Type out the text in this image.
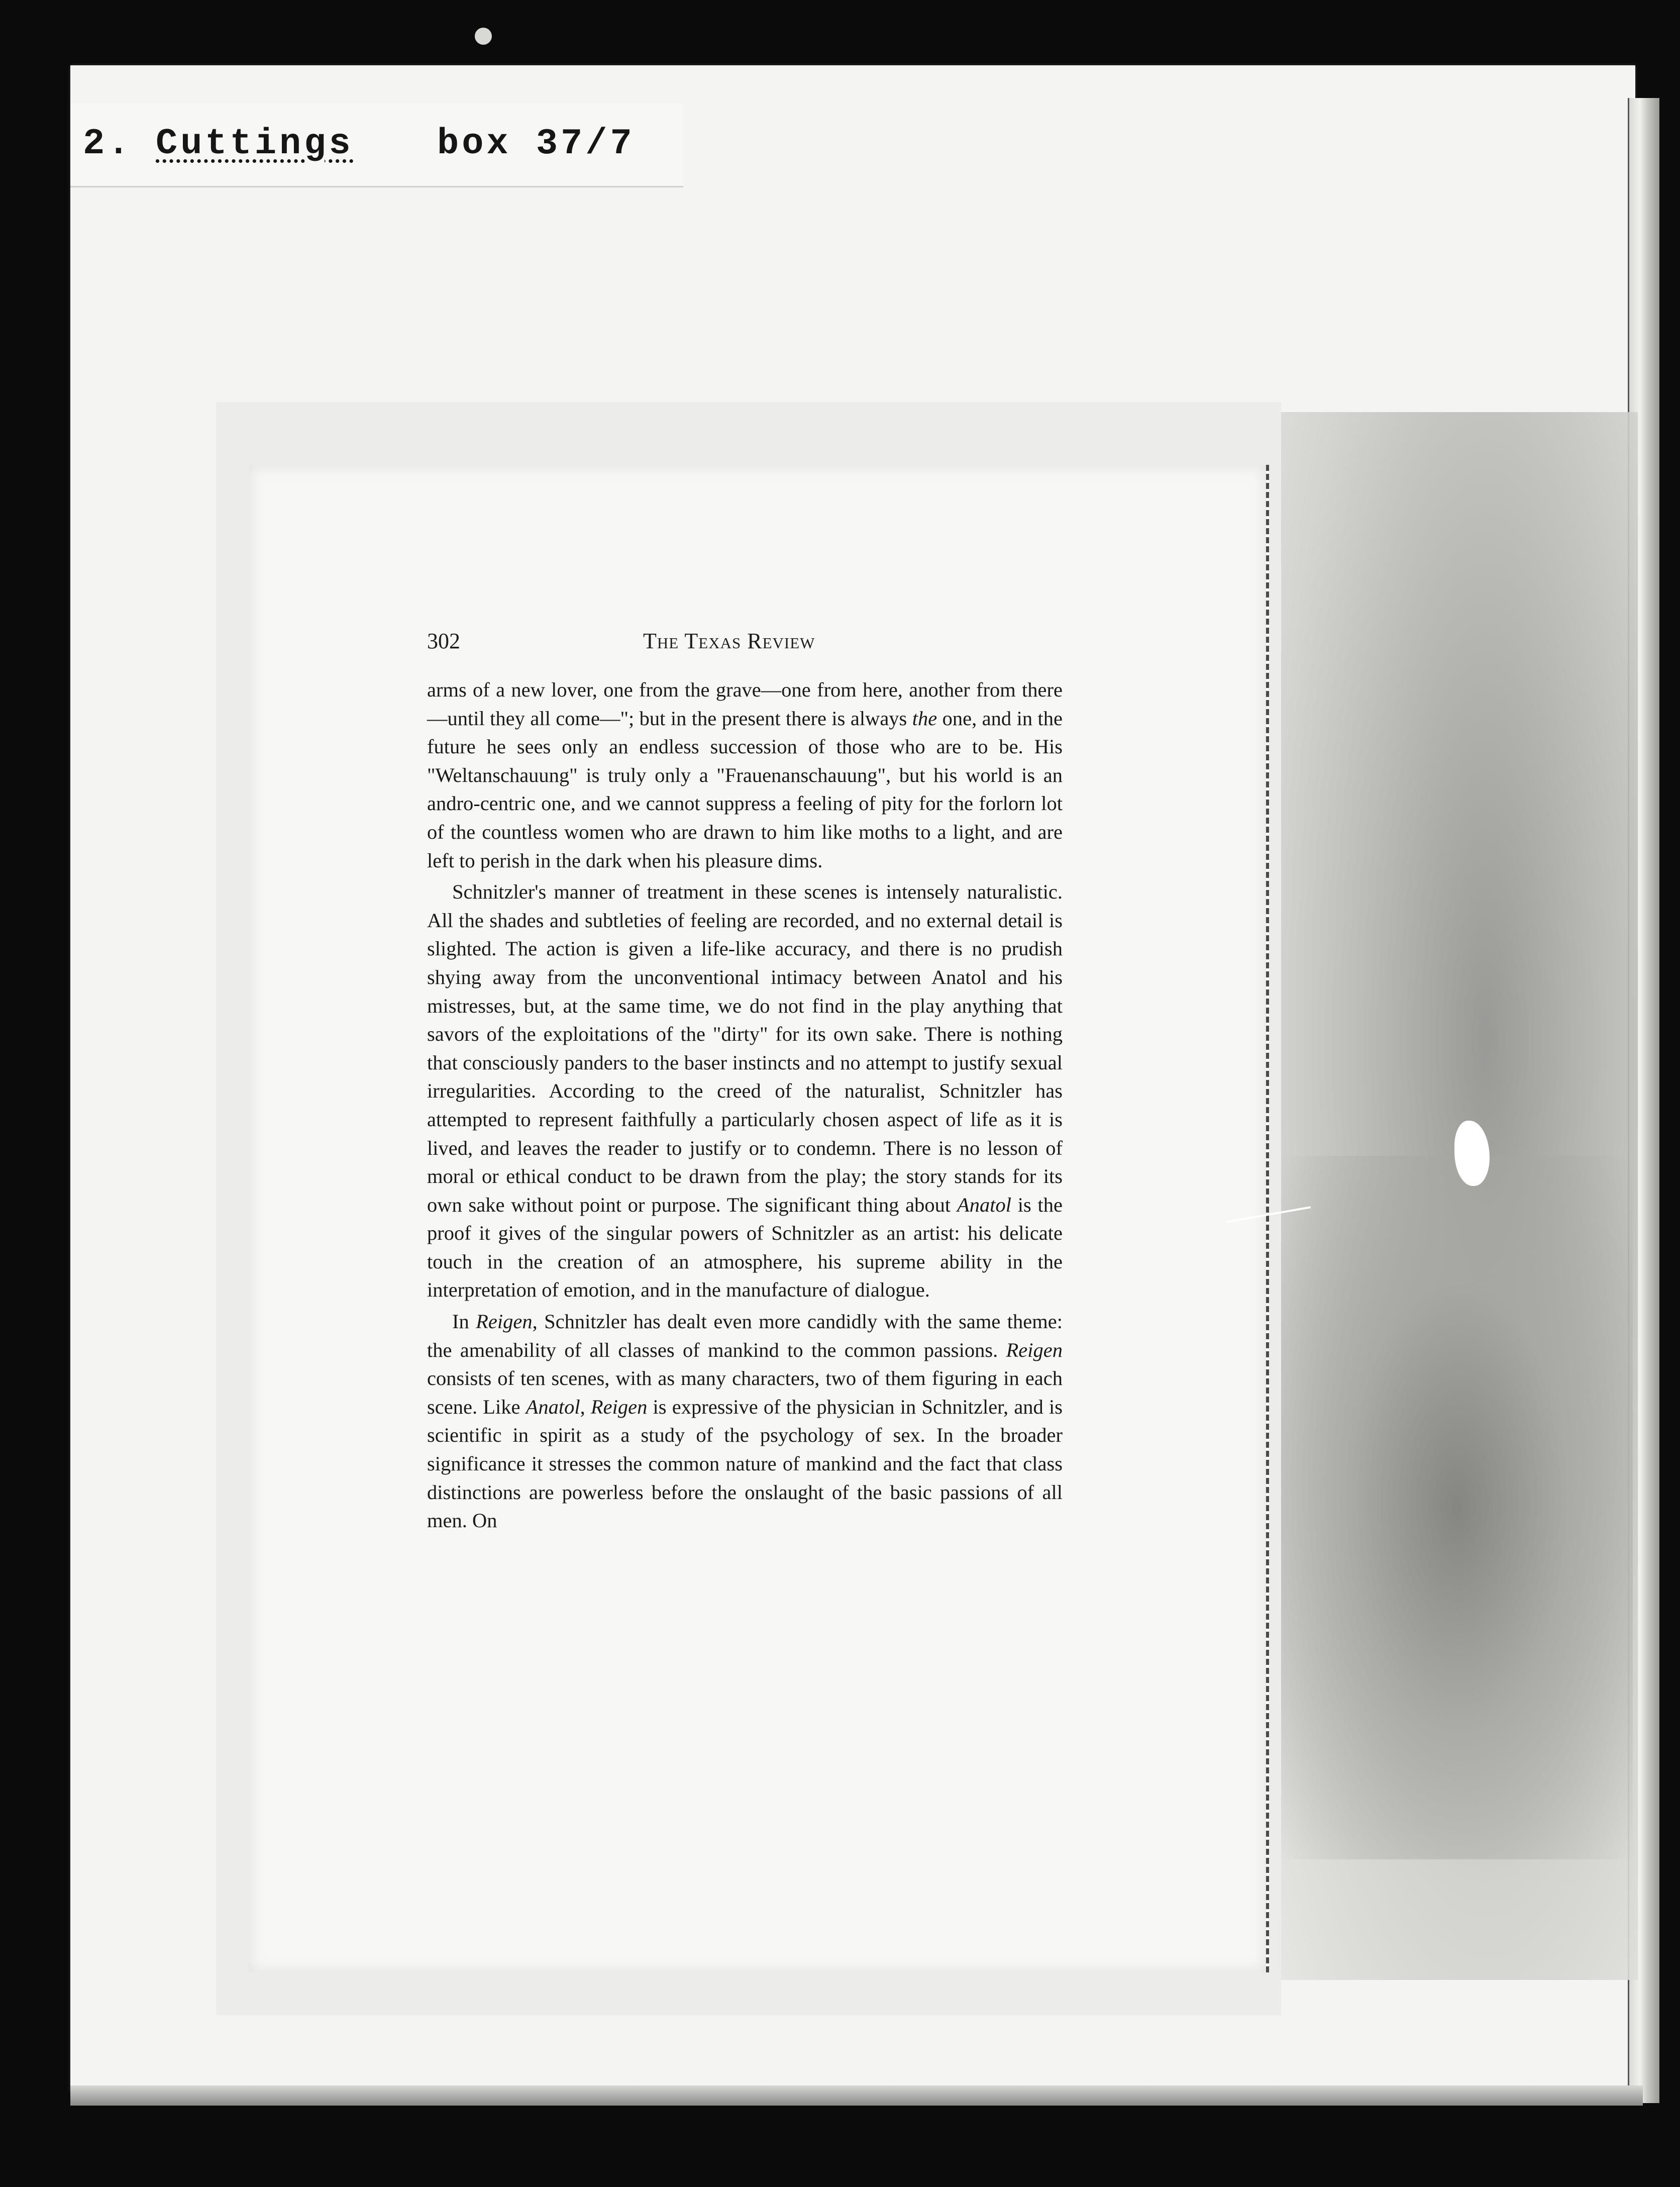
2. Cuttings box 37/7
302	The Texas Review

arms of a new lover, one from the grave—one from here, another from there—until they all come—"; but in the present there is always the one, and in the future he sees only an endless succession of those who are to be. His "Weltanschauung" is truly only a "Frauenanschauung", but his world is an andro-centric one, and we cannot suppress a feeling of pity for the forlorn lot of the countless women who are drawn to him like moths to a light, and are left to perish in the dark when his pleasure dims.

Schnitzler's manner of treatment in these scenes is intensely naturalistic. All the shades and subtleties of feeling are recorded, and no external detail is slighted. The action is given a life-like accuracy, and there is no prudish shying away from the unconventional intimacy between Anatol and his mistresses, but, at the same time, we do not find in the play anything that savors of the exploitations of the "dirty" for its own sake. There is nothing that consciously panders to the baser instincts and no attempt to justify sexual irregularities. According to the creed of the naturalist, Schnitzler has attempted to represent faithfully a particularly chosen aspect of life as it is lived, and leaves the reader to justify or to condemn. There is no lesson of moral or ethical conduct to be drawn from the play; the story stands for its own sake without point or purpose. The significant thing about Anatol is the proof it gives of the singular powers of Schnitzler as an artist: his delicate touch in the creation of an atmosphere, his supreme ability in the interpretation of emotion, and in the manufacture of dialogue.

In Reigen, Schnitzler has dealt even more candidly with the same theme: the amenability of all classes of mankind to the common passions. Reigen consists of ten scenes, with as many characters, two of them figuring in each scene. Like Anatol, Reigen is expressive of the physician in Schnitzler, and is scientific in spirit as a study of the psychology of sex. In the broader significance it stresses the common nature of mankind and the fact that class distinctions are powerless before the onslaught of the basic passions of all men. On
